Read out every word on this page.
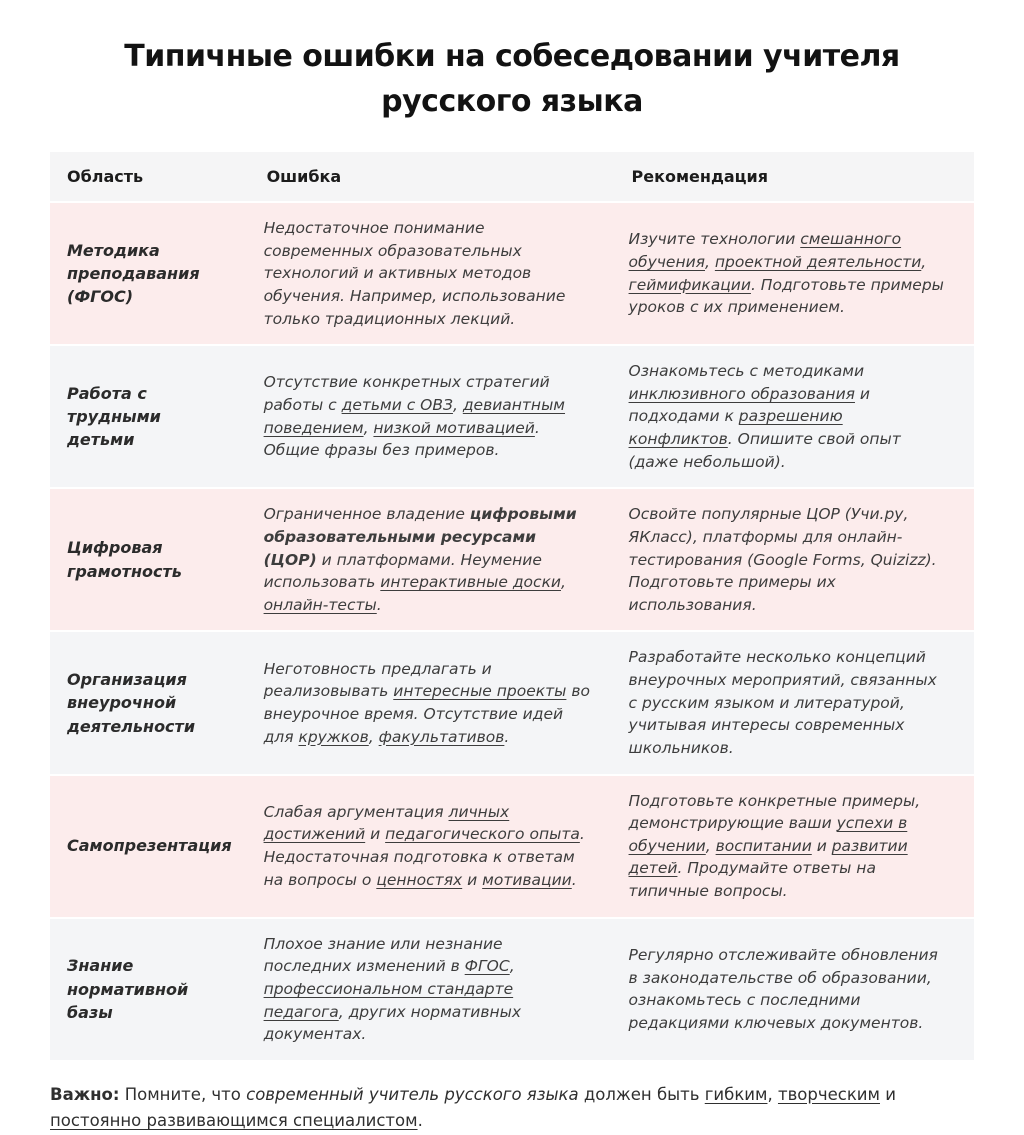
Типичные ошибки на собеседовании учителя
русского языка
Область	Ошибка	Рекомендация
Методика преподавания (ФГОС)	Недостаточное понимание современных образовательных технологий и активных методов обучения. Например, использование только традиционных лекций.	Изучите технологии смешанного обучения, проектной деятельности, геймификации. Подготовьте примеры уроков с их применением.
Работа с трудными детьми	Отсутствие конкретных стратегий работы с детьми с ОВЗ, девиантным поведением, низкой мотивацией. Общие фразы без примеров.	Ознакомьтесь с методиками инклюзивного образования и подходами к разрешению конфликтов. Опишите свой опыт (даже небольшой).
Цифровая грамотность	Ограниченное владение цифровыми образовательными ресурсами (ЦОР) и платформами. Неумение использовать интерактивные доски, онлайн-тесты.	Освойте популярные ЦОР (Учи.ру, ЯКласс), платформы для онлайн-тестирования (Google Forms, Quizizz). Подготовьте примеры их использования.
Организация внеурочной деятельности	Неготовность предлагать и реализовывать интересные проекты во внеурочное время. Отсутствие идей для кружков, факультативов.	Разработайте несколько концепций внеурочных мероприятий, связанных с русским языком и литературой, учитывая интересы современных школьников.
Самопрезентация	Слабая аргументация личных достижений и педагогического опыта. Недостаточная подготовка к ответам на вопросы о ценностях и мотивации.	Подготовьте конкретные примеры, демонстрирующие ваши успехи в обучении, воспитании и развитии детей. Продумайте ответы на типичные вопросы.
Знание нормативной базы	Плохое знание или незнание последних изменений в ФГОС, профессиональном стандарте педагога, других нормативных документах.	Регулярно отслеживайте обновления в законодательстве об образовании, ознакомьтесь с последними редакциями ключевых документов.

Важно: Помните, что современный учитель русского языка должен быть гибким, творческим и постоянно развивающимся специалистом.
